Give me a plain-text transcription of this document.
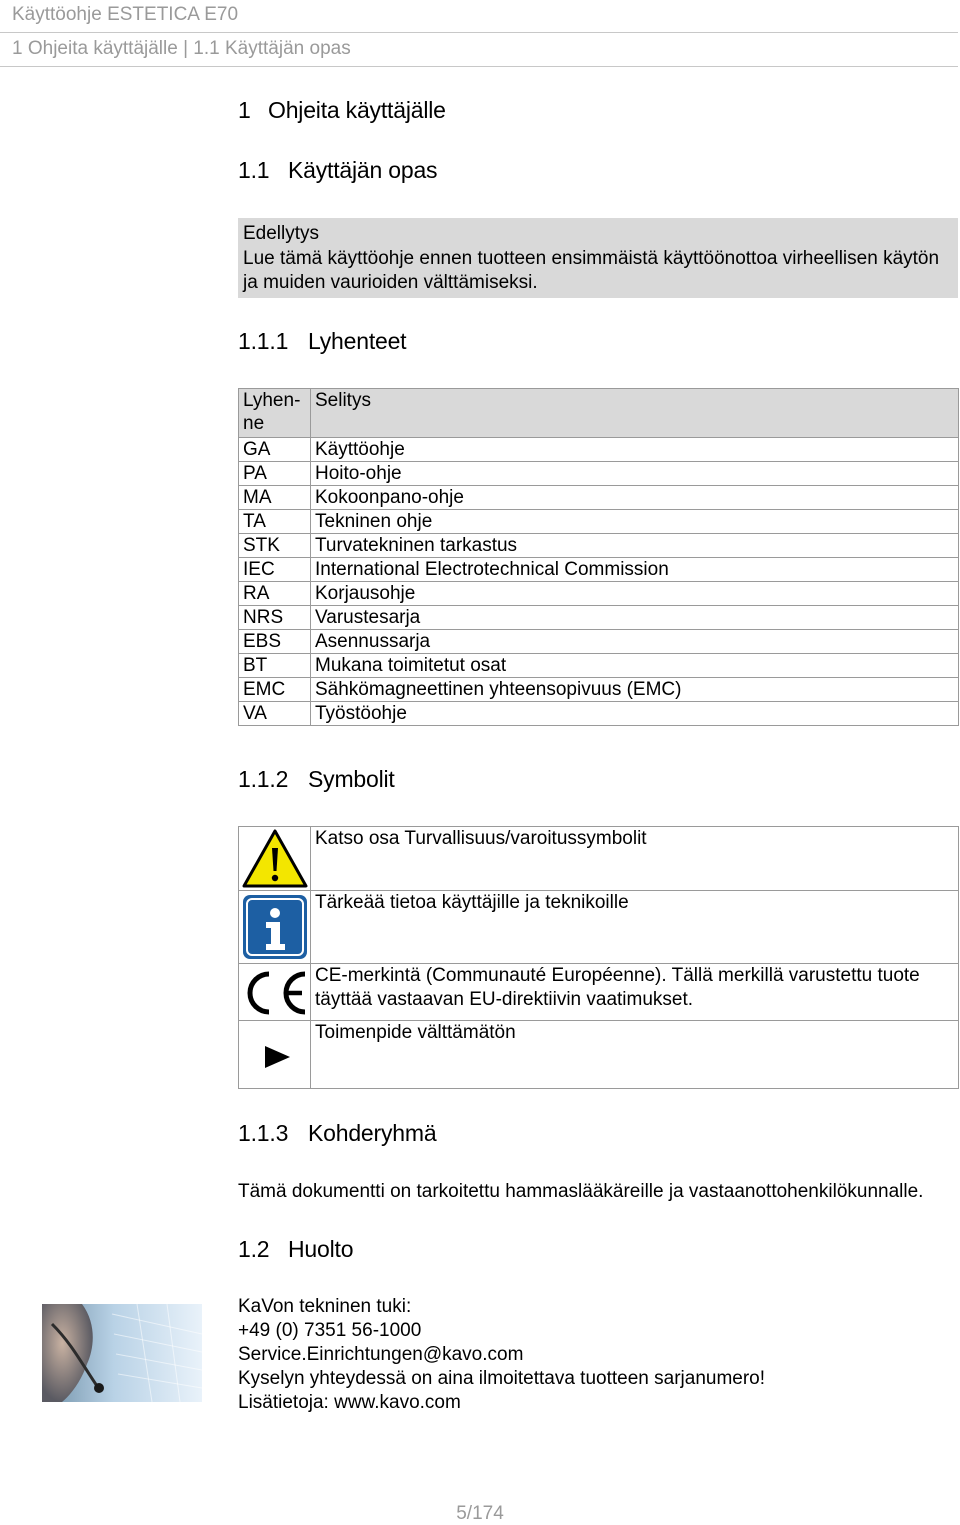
Käyttöohje ESTETICA E70
1 Ohjeita käyttäjälle | 1.1 Käyttäjän opas
1 Ohjeita käyttäjälle
1.1 Käyttäjän opas
Edellytys
Lue tämä käyttöohje ennen tuotteen ensimmäistä käyttöönottoa virheellisen käytön ja muiden vaurioiden välttämiseksi.
1.1.1 Lyhenteet
Lyhen-
ne	Selitys
GA	Käyttöohje
PA	Hoito-ohje
MA	Kokoonpano-ohje
TA	Tekninen ohje
STK	Turvatekninen tarkastus
IEC	International Electrotechnical Commission
RA	Korjausohje
NRS	Varustesarja
EBS	Asennussarja
BT	Mukana toimitetut osat
EMC	Sähkömagneettinen yhteensopivuus (EMC)
VA	Työstöohje
1.1.2 Symbolit
	Katso osa Turvallisuus/varoitussymbolit

	Tärkeää tietoa käyttäjille ja teknikoille

	CE-merkintä (Communauté Européenne). Tällä merkillä varustettu tuote täyttää vastaavan EU-direktiivin vaatimukset.

	Toimenpide välttämätön
1.1.3 Kohderyhmä
Tämä dokumentti on tarkoitettu hammaslääkäreille ja vastaanottohenkilökunnalle.
1.2 Huolto
KaVon tekninen tuki:
+49 (0) 7351 56-1000
Service.Einrichtungen@kavo.com
Kyselyn yhteydessä on aina ilmoitettava tuotteen sarjanumero!
Lisätietoja: www.kavo.com
5/174
